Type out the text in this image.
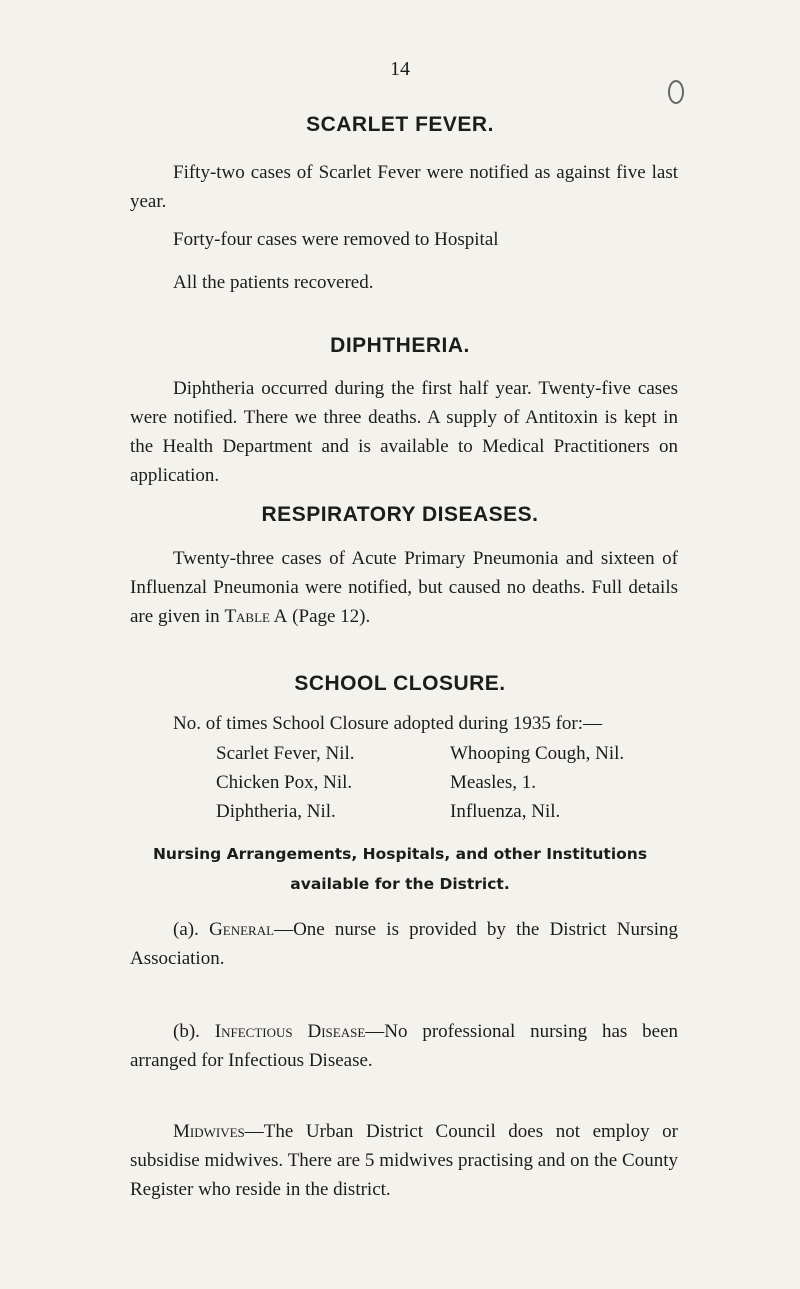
14
SCARLET FEVER.

Fifty-two cases of Scarlet Fever were notified as against five last year.

Forty-four cases were removed to Hospital
All the patients recovered.
DIPHTHERIA.

Diphtheria occurred during the first half year. Twenty-five cases were notified. There we three deaths. A supply of Antitoxin is kept in the Health Department and is available to Medical Practitioners on application.

RESPIRATORY DISEASES.

Twenty-three cases of Acute Primary Pneumonia and sixteen of Influenzal Pneumonia were notified, but caused no deaths. Full details are given in Table A (Page 12).

SCHOOL CLOSURE.
No. of times School Closure adopted during 1935 for:—
Scarlet Fever, Nil.
Chicken Pox, Nil.
Diphtheria, Nil.
Whooping Cough, Nil.
Measles, 1.
Influenza, Nil.
Nursing Arrangements, Hospitals, and other Institutions
available for the District.

(a). General—One nurse is provided by the District Nursing Association.

(b). Infectious Disease—No professional nursing has been arranged for Infectious Disease.

Midwives—The Urban District Council does not employ or subsidise midwives. There are 5 midwives practising and on the County Register who reside in the district.
